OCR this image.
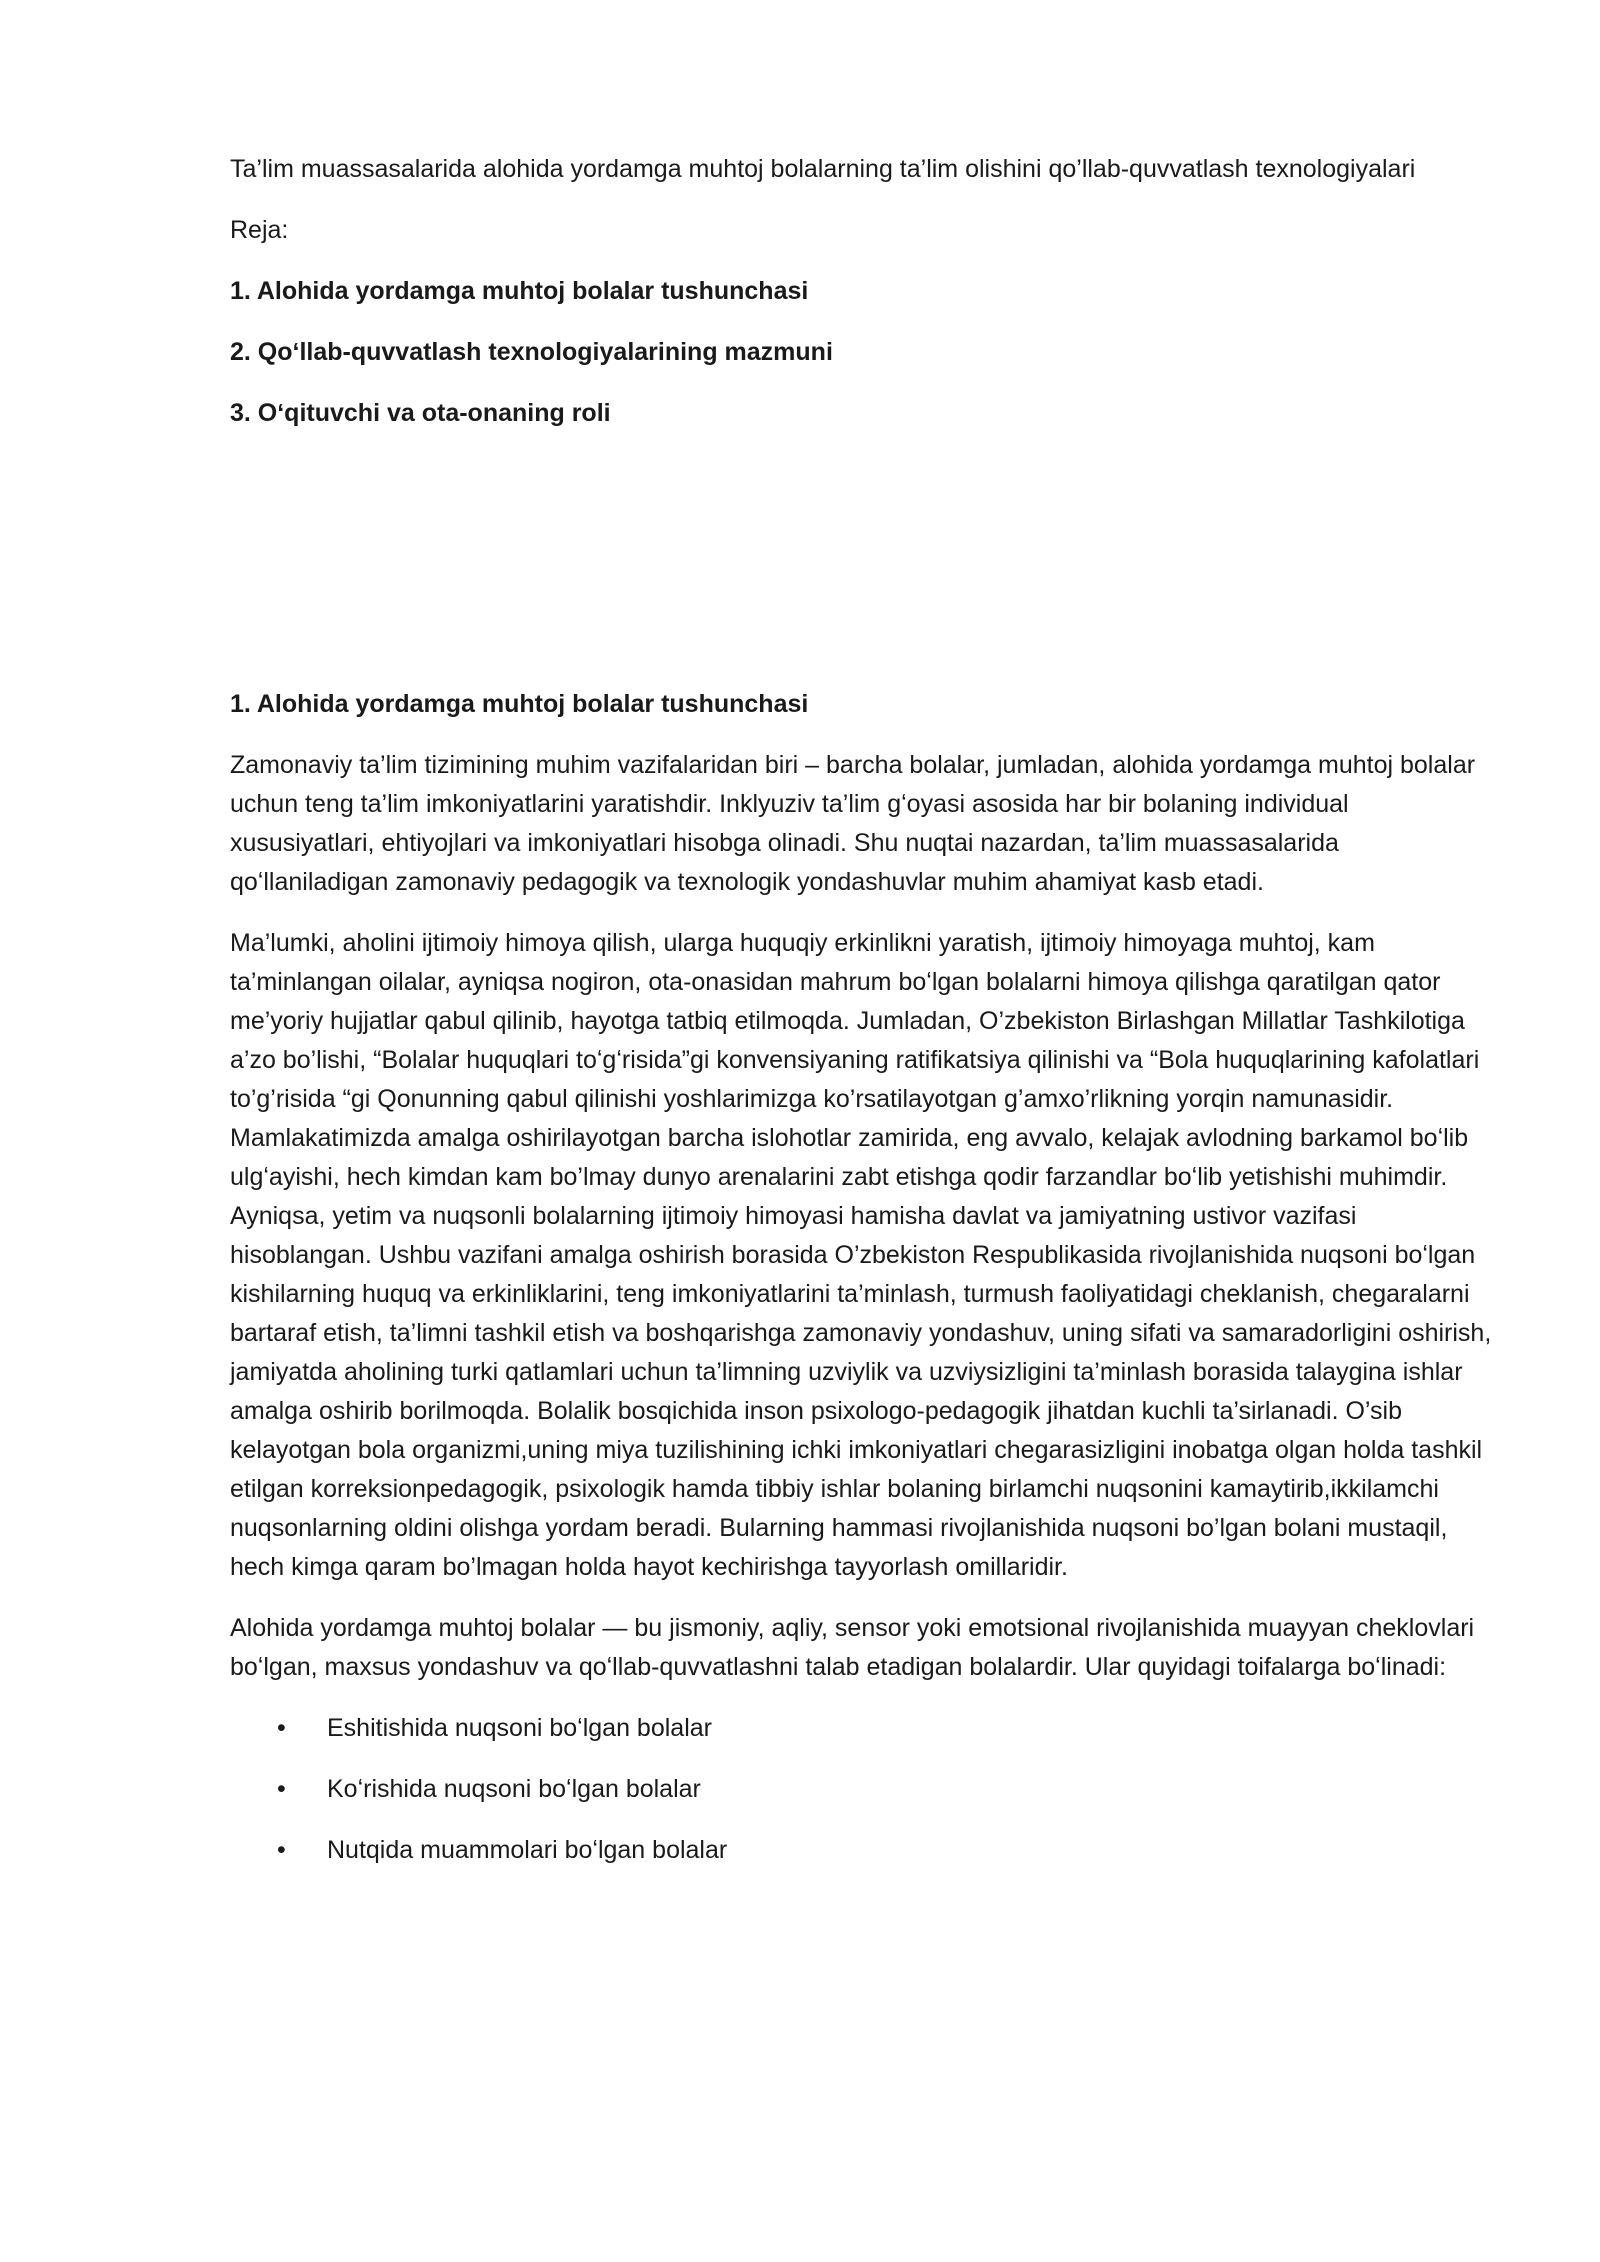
Ta’lim muassasalarida alohida yordamga muhtoj bolalarning ta’lim olishini qo’llab-quvvatlash texnologiyalari

Reja:

1. Alohida yordamga muhtoj bolalar tushunchasi

2. Qoʻllab-quvvatlash texnologiyalarining mazmuni

3. Oʻqituvchi va ota-onaning roli

1. Alohida yordamga muhtoj bolalar tushunchasi

Zamonaviy ta’lim tizimining muhim vazifalaridan biri – barcha bolalar, jumladan, alohida yordamga muhtoj bolalar uchun teng ta’lim imkoniyatlarini yaratishdir. Inklyuziv ta’lim gʻoyasi asosida har bir bolaning individual xususiyatlari, ehtiyojlari va imkoniyatlari hisobga olinadi. Shu nuqtai nazardan, ta’lim muassasalarida qoʻllaniladigan zamonaviy pedagogik va texnologik yondashuvlar muhim ahamiyat kasb etadi.

Ma’lumki, aholini ijtimoiy himoya qilish, ularga huquqiy erkinlikni yaratish, ijtimoiy himoyaga muhtoj, kam ta’minlangan oilalar, ayniqsa nogiron, ota-onasidan mahrum boʻlgan bolalarni himoya qilishga qaratilgan qator me’yoriy hujjatlar qabul qilinib, hayotga tatbiq etilmoqda. Jumladan, O’zbekiston Birlashgan Millatlar Tashkilotiga a’zo bo’lishi, “Bolalar huquqlari toʻgʻrisida”gi konvensiyaning ratifikatsiya qilinishi va “Bola huquqlarining kafolatlari to’g’risida “gi Qonunning qabul qilinishi yoshlarimizga ko’rsatilayotgan g’amxo’rlikning yorqin namunasidir. Mamlakatimizda amalga oshirilayotgan barcha islohotlar zamirida, eng avvalo, kelajak avlodning barkamol boʻlib ulgʻayishi, hech kimdan kam bo’lmay dunyo arenalarini zabt etishga qodir farzandlar boʻlib yetishishi muhimdir. Ayniqsa, yetim va nuqsonli bolalarning ijtimoiy himoyasi hamisha davlat va jamiyatning ustivor vazifasi hisoblangan. Ushbu vazifani amalga oshirish borasida O’zbekiston Respublikasida rivojlanishida nuqsoni boʻlgan kishilarning huquq va erkinliklarini, teng imkoniyatlarini ta’minlash, turmush faoliyatidagi cheklanish, chegaralarni bartaraf etish, ta’limni tashkil etish va boshqarishga zamonaviy yondashuv, uning sifati va samaradorligini oshirish, jamiyatda aholining turki qatlamlari uchun ta’limning uzviylik va uzviysizligini ta’minlash borasida talaygina ishlar amalga oshirib borilmoqda. Bolalik bosqichida inson psixologo-pedagogik jihatdan kuchli ta’sirlanadi. O’sib kelayotgan bola organizmi,uning miya tuzilishining ichki imkoniyatlari chegarasizligini inobatga olgan holda tashkil etilgan korreksionpedagogik, psixologik hamda tibbiy ishlar bolaning birlamchi nuqsonini kamaytirib,ikkilamchi nuqsonlarning oldini olishga yordam beradi. Bularning hammasi rivojlanishida nuqsoni bo’lgan bolani mustaqil, hech kimga qaram bo’lmagan holda hayot kechirishga tayyorlash omillaridir.

Alohida yordamga muhtoj bolalar — bu jismoniy, aqliy, sensor yoki emotsional rivojlanishida muayyan cheklovlari boʻlgan, maxsus yondashuv va qoʻllab-quvvatlashni talab etadigan bolalardir. Ular quyidagi toifalarga boʻlinadi:

• Eshitishida nuqsoni boʻlgan bolalar
• Koʻrishida nuqsoni boʻlgan bolalar
• Nutqida muammolari boʻlgan bolalar
